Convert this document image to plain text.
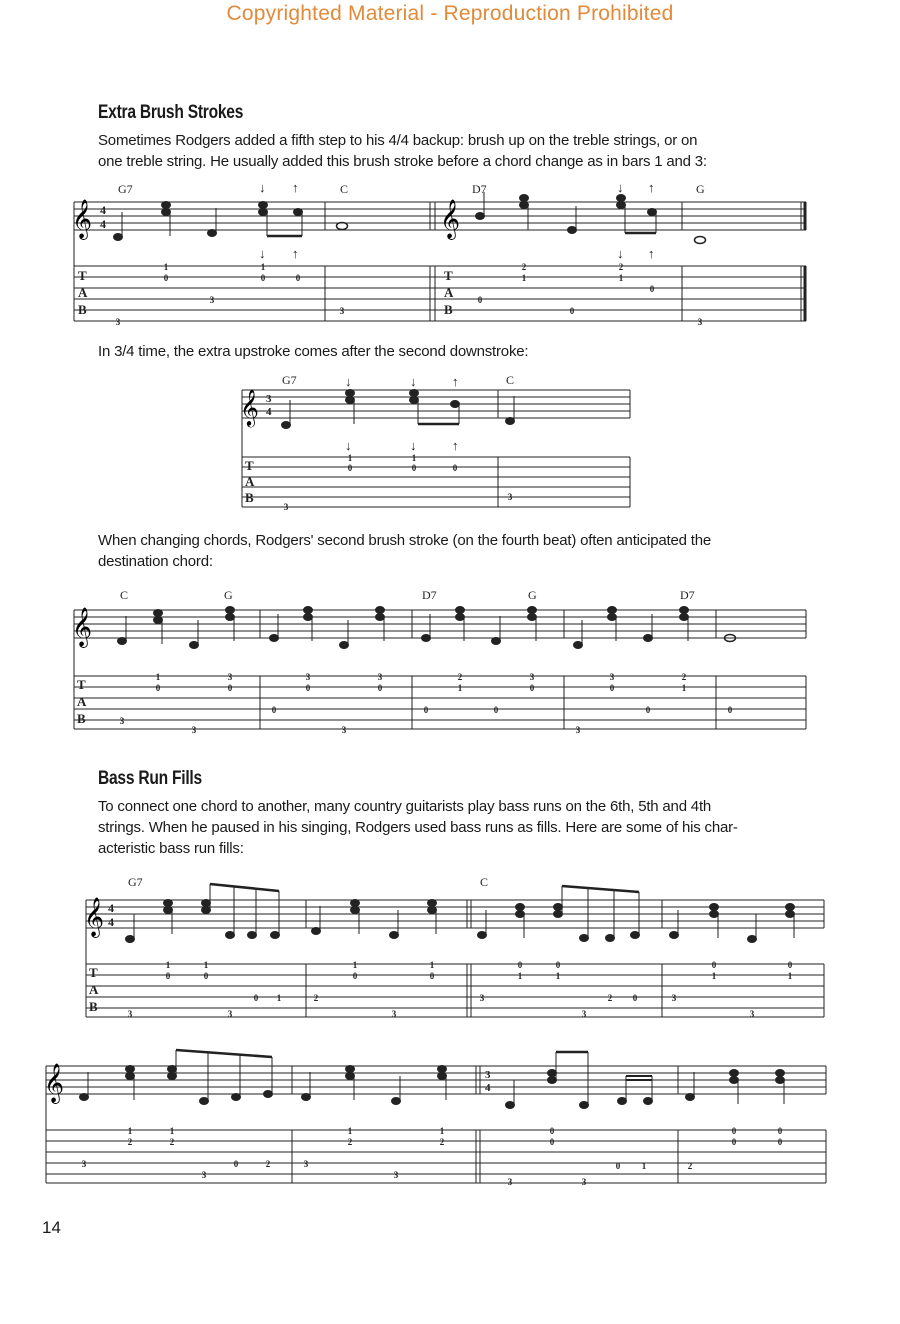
Copyrighted Material - Reproduction Prohibited
Extra Brush Strokes
Sometimes Rodgers added a fifth step to his 4/4 backup: brush up on the treble strings, or on
one treble string. He usually added this brush stroke before a chord change as in bars 1 and 3:
𝄞	𝄞
T
A
B
T
A
B
4
4
G7	C	D7	G
↓ ↑
↓ ↑
↓ ↑
↓ ↑
3
1
0
3
1
0	0
3
0
2
1
0
2
1
0
3
In 3/4 time, the extra upstroke comes after the second downstroke:
𝄞 3
4
T
A
B
G7	C
↓	↓	↑
↓	↓	↑
3
1
0
1
0	0
3
When changing chords, Rodgers' second brush stroke (on the fourth beat) often anticipated the
destination chord:
𝄞
T
A
B
C	G	D7	G	D7
3
1
0
3
3
0
0
3
0
3
3
0
0
2
1
0
3
0
3
3
0
0
2
1
0
Bass Run Fills
To connect one chord to another, many country guitarists play bass runs on the 6th, 5th and 4th
strings. When he paused in his singing, Rodgers used bass runs as fills. Here are some of his char-
acteristic bass run fills:
𝄞 4
4
T
A
B
G7	C
3
1
0
1
0
3
0 1	2
1
0
3
1
0
3
0
1
0
1
3
2 0	3
0
1
3
0
1
𝄞	3
4
3
1
2
1
2
3
0	2	3
1
2
3
1
2
3
0
0
3
0 1	2
0
0
0
0
14
